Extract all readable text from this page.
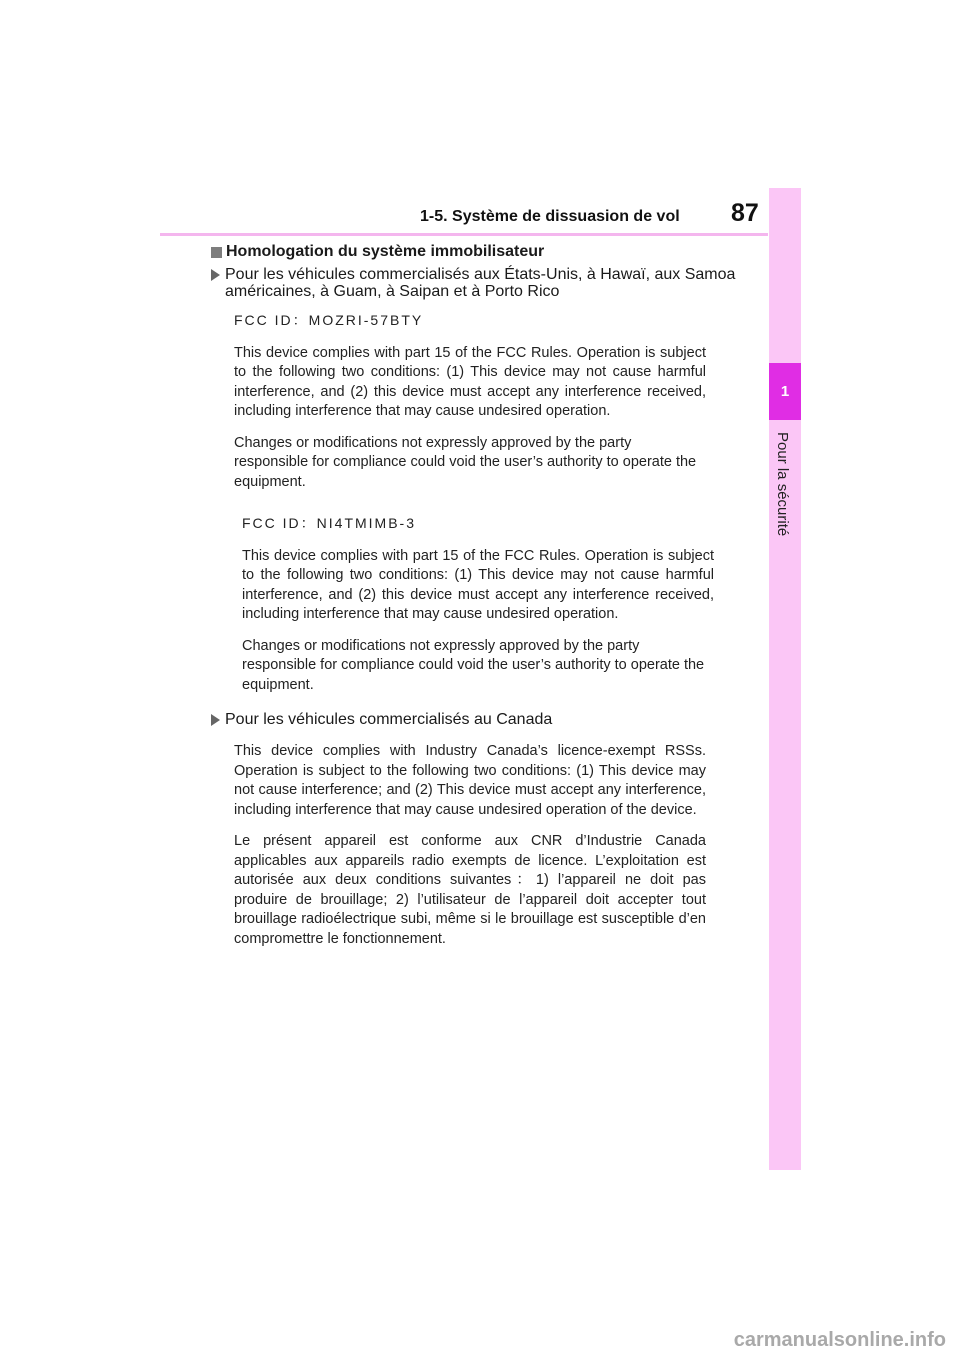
1-5. Système de dissuasion de vol	87
1
Pour la sécurité
Homologation du système immobilisateur
Pour les véhicules commercialisés aux États-Unis, à Hawaï, aux Samoa américaines, à Guam, à Saipan et à Porto Rico

FCC ID：MOZRI-57BTY

This device complies with part 15 of the FCC Rules. Operation is subject to the following two conditions: (1) This device may not cause harmful interference, and (2) this device must accept any interference received, including interference that may cause undesired operation.

Changes or modifications not expressly approved by the party responsible for compliance could void the user’s authority to operate the equipment.

FCC ID：NI4TMIMB-3

This device complies with part 15 of the FCC Rules. Operation is subject to the following two conditions: (1) This device may not cause harmful interference, and (2) this device must accept any interference received, including interference that may cause undesired operation.

Changes or modifications not expressly approved by the party responsible for compliance could void the user’s authority to operate the equipment.

Pour les véhicules commercialisés au Canada

This device complies with Industry Canada’s licence-exempt RSSs. Operation is subject to the following two conditions: (1) This device may not cause interference; and (2) This device must accept any interference, including interference that may cause undesired operation of the device.

Le présent appareil est conforme aux CNR d’Industrie Canada applicables aux appareils radio exempts de licence. L’exploitation est autorisée aux deux conditions suivantes：1) l’appareil ne doit pas produire de brouillage; 2) l’utilisateur de l’appareil doit accepter tout brouillage radioélectrique subi, même si le brouillage est susceptible d’en compromettre le fonctionnement.

carmanualsonline.info
